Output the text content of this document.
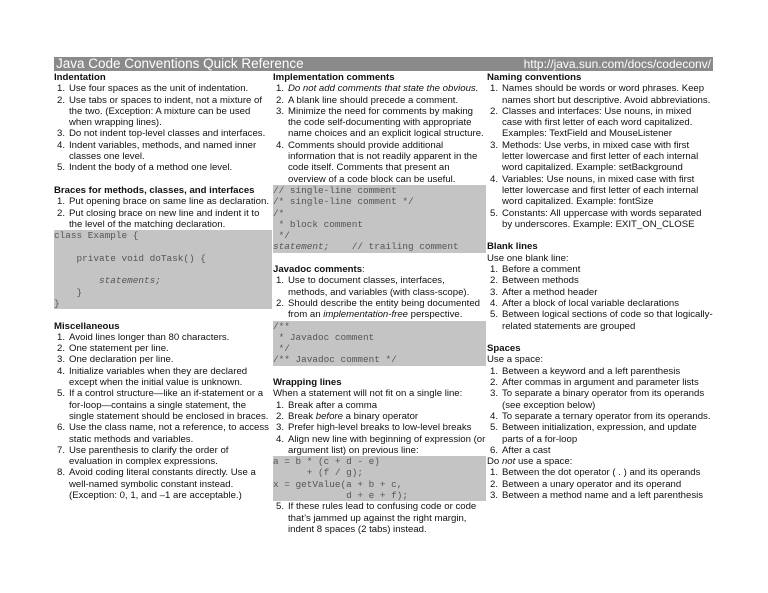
Java Code Conventions Quick Reference	http://java.sun.com/docs/codeconv/
Indentation
1. Use four spaces as the unit of indentation.
2. Use tabs or spaces to indent, not a mixture of the two. (Exception: A mixture can be used when wrapping lines).
3. Do not indent top-level classes and interfaces.
4. Indent variables, methods, and named inner classes one level.
5. Indent the body of a method one level.
Braces for methods, classes, and interfaces
1. Put opening brace on same line as declaration.
2. Put closing brace on new line and indent it to the level of the matching declaration.
class Example {
private void doTask() {
statements;
}
}
Miscellaneous
1. Avoid lines longer than 80 characters.
2. One statement per line.
3. One declaration per line.
4. Initialize variables when they are declared except when the initial value is unknown.
5. If a control structure—like an if-statement or a for-loop—contains a single statement, the single statement should be enclosed in braces.
6. Use the class name, not a reference, to access static methods and variables.
7. Use parenthesis to clarify the order of evaluation in complex expressions.
8. Avoid coding literal constants directly. Use a well-named symbolic constant instead. (Exception: 0, 1, and –1 are acceptable.)
Implementation comments
1. Do not add comments that state the obvious.
2. A blank line should precede a comment.
3. Minimize the need for comments by making the code self-documenting with appropriate name choices and an explicit logical structure.
4. Comments should provide additional information that is not readily apparent in the code itself. Comments that present an overview of a code block can be useful.
// single-line comment
/* single-line comment */
/*
* block comment
*/
statement;    // trailing comment
Javadoc comments:
1. Use to document classes, interfaces, methods, and variables (with class-scope).
2. Should describe the entity being documented from an implementation-free perspective.
/**
* Javadoc comment
*/
/** Javadoc comment */
Wrapping lines

When a statement will not fit on a single line:

1. Break after a comma
2. Break before a binary operator
3. Prefer high-level breaks to low-level breaks
4. Align new line with beginning of expression (or argument list) on previous line:
a = b * (c + d - e)
+ (f / g);
x = getValue(a + b + c,
d + e + f);
5. If these rules lead to confusing code or code that’s jammed up against the right margin, indent 8 spaces (2 tabs) instead.
Naming conventions
1. Names should be words or word phrases. Keep names short but descriptive. Avoid abbreviations.
2. Classes and interfaces: Use nouns, in mixed case with first letter of each word capitalized. Examples: TextField and MouseListener
3. Methods: Use verbs, in mixed case with first letter lowercase and first letter of each internal word capitalized. Example: setBackground
4. Variables: Use nouns, in mixed case with first letter lowercase and first letter of each internal word capitalized. Example: fontSize
5. Constants: All uppercase with words separated by underscores. Example: EXIT_ON_CLOSE
Blank lines

Use one blank line:

1. Before a comment
2. Between methods
3. After a method header
4. After a block of local variable declarations
5. Between logical sections of code so that logically-related statements are grouped
Spaces

Use a space:

1. Between a keyword and a left parenthesis
2. After commas in argument and parameter lists
3. To separate a binary operator from its operands (see exception below)
4. To separate a ternary operator from its operands.
5. Between initialization, expression, and update parts of a for-loop
6. After a cast

Do not use a space:

1. Between the dot operator ( . ) and its operands
2. Between a unary operator and its operand
3. Between a method name and a left parenthesis
